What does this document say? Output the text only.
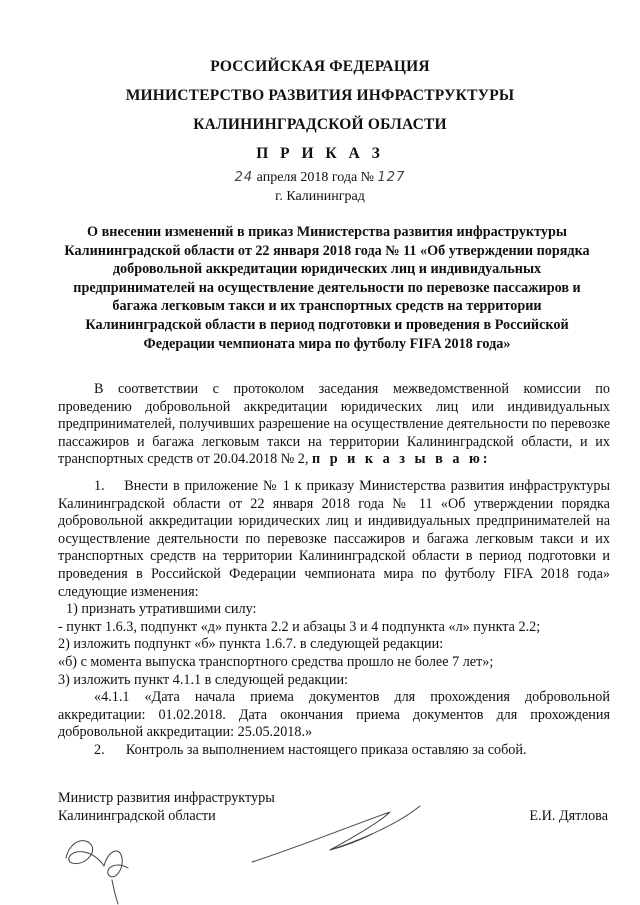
РОССИЙСКАЯ ФЕДЕРАЦИЯ
МИНИСТЕРСТВО РАЗВИТИЯ ИНФРАСТРУКТУРЫ
КАЛИНИНГРАДСКОЙ ОБЛАСТИ
П Р И К А З
24 апреля 2018 года № 127
г. Калининград
О внесении изменений в приказ Министерства развития инфраструктуры Калининградской области от 22 января 2018 года № 11 «Об утверждении порядка добровольной аккредитации юридических лиц и индивидуальных предпринимателей на осуществление деятельности по перевозке пассажиров и багажа легковым такси и их транспортных средств на территории Калининградской области в период подготовки и проведения в Российской Федерации чемпионата мира по футболу FIFA 2018 года»

В соответствии с протоколом заседания межведомственной комиссии по проведению добровольной аккредитации юридических лиц или индивидуальных предпринимателей, получивших разрешение на осуществление деятельности по перевозке пассажиров и багажа легковым такси на территории Калининградской области, и их транспортных средств от 20.04.2018 № 2, п р и к а з ы в а ю:

1.    Внести в приложение № 1 к приказу Министерства развития инфраструктуры Калининградской области от 22 января 2018 года № 11 «Об утверждении порядка добровольной аккредитации юридических лиц и индивидуальных предпринимателей на осуществление деятельности по перевозке пассажиров и багажа легковым такси и их транспортных средств на территории Калининградской области в период подготовки и проведения в Российской Федерации чемпионата мира по футболу FIFA 2018 года» следующие изменения:

1) признать утратившими силу:

- пункт 1.6.3, подпункт «д» пункта 2.2 и абзацы 3 и 4 подпункта «л» пункта 2.2;

2) изложить подпункт «б» пункта 1.6.7. в следующей редакции:

«б) с момента выпуска транспортного средства прошло не более 7 лет»;

3) изложить пункт 4.1.1 в следующей редакции:

«4.1.1 «Дата начала приема документов для прохождения добровольной аккредитации: 01.02.2018. Дата окончания приема документов для прохождения добровольной аккредитации: 25.05.2018.»

2.      Контроль за выполнением настоящего приказа оставляю за собой.

Министр развития инфраструктуры
Калининградской области	Е.И. Дятлова
